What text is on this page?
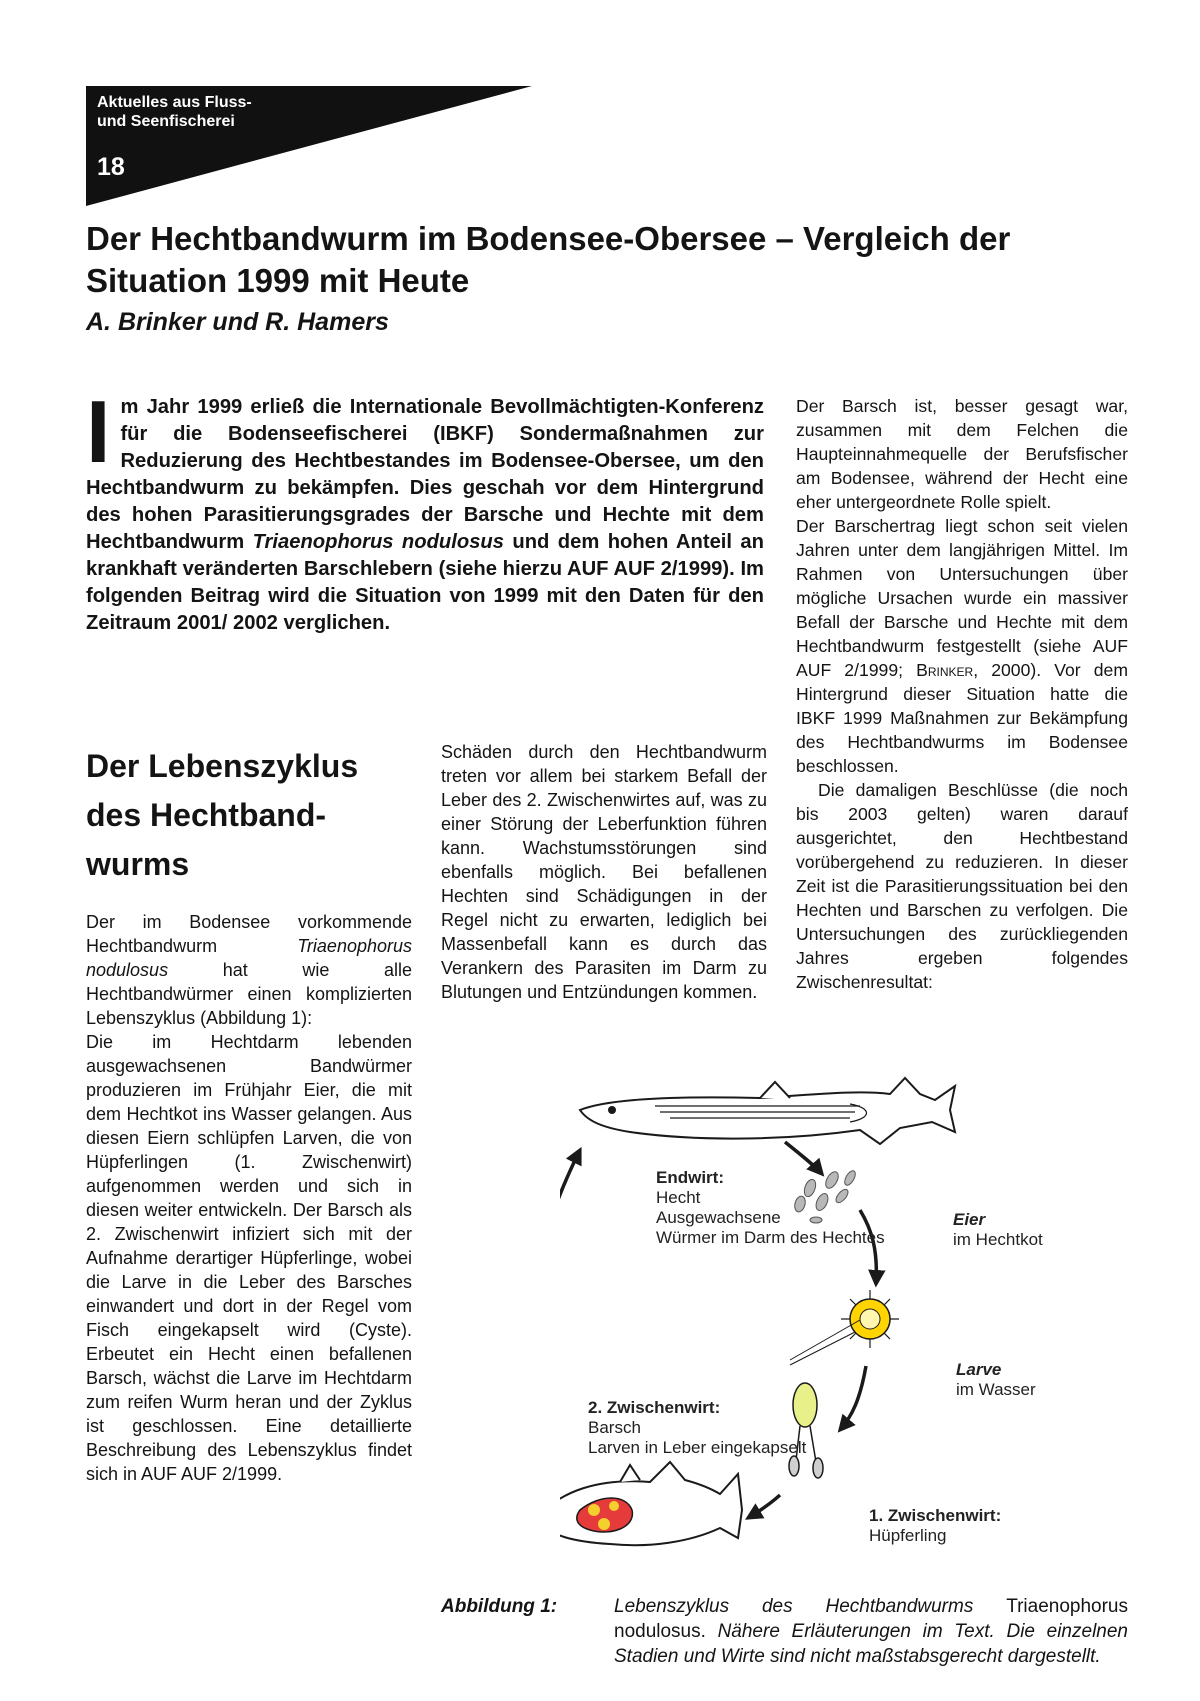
Aktuelles aus Fluss-
und Seenfischerei
18
Der Hechtbandwurm im Bodensee-Obersee – Vergleich der Situation 1999 mit Heute
A. Brinker und R. Hamers
Im Jahr 1999 erließ die Internationale Bevollmächtigten-Konferenz für die Bodenseefischerei (IBKF) Sondermaßnahmen zur Reduzierung des Hechtbestandes im Bodensee-Obersee, um den Hechtbandwurm zu bekämpfen. Dies geschah vor dem Hintergrund des hohen Parasitierungsgrades der Barsche und Hechte mit dem Hechtbandwurm Triaenophorus nodulosus und dem hohen Anteil an krankhaft veränderten Barschlebern (siehe hierzu AUF AUF 2/1999). Im folgenden Beitrag wird die Situation von 1999 mit den Daten für den Zeitraum 2001/ 2002 verglichen.

Der Barsch ist, besser gesagt war, zusammen mit dem Felchen die Haupteinnahmequelle der Berufsfischer am Bodensee, während der Hecht eine eher untergeordnete Rolle spielt.

Der Barschertrag liegt schon seit vielen Jahren unter dem langjährigen Mittel. Im Rahmen von Untersuchungen über mögliche Ursachen wurde ein massiver Befall der Barsche und Hechte mit dem Hechtbandwurm festgestellt (siehe AUF AUF 2/1999; Brinker, 2000). Vor dem Hintergrund dieser Situation hatte die IBKF 1999 Maßnahmen zur Bekämpfung des Hechtbandwurms im Bodensee beschlossen.

Die damaligen Beschlüsse (die noch bis 2003 gelten) waren darauf ausgerichtet, den Hechtbestand vorübergehend zu reduzieren. In dieser Zeit ist die Parasitierungssituation bei den Hechten und Barschen zu verfolgen. Die Untersuchungen des zurückliegenden Jahres ergeben folgendes Zwischenresultat:

Der Lebenszyklus des Hechtband-wurms

Schäden durch den Hechtbandwurm treten vor allem bei starkem Befall der Leber des 2. Zwischenwirtes auf, was zu einer Störung der Leberfunktion führen kann. Wachstumsstörungen sind ebenfalls möglich. Bei befallenen Hechten sind Schädigungen in der Regel nicht zu erwarten, lediglich bei Massenbefall kann es durch das Verankern des Parasiten im Darm zu Blutungen und Entzündungen kommen.

Der im Bodensee vorkommende Hechtbandwurm Triaenophorus nodulosus hat wie alle Hechtbandwürmer einen komplizierten Lebenszyklus (Abbildung 1):

Die im Hechtdarm lebenden ausgewachsenen Bandwürmer produzieren im Frühjahr Eier, die mit dem Hechtkot ins Wasser gelangen. Aus diesen Eiern schlüpfen Larven, die von Hüpferlingen (1. Zwischenwirt) aufgenommen werden und sich in diesen weiter entwickeln. Der Barsch als 2. Zwischenwirt infiziert sich mit der Aufnahme derartiger Hüpferlinge, wobei die Larve in die Leber des Barsches einwandert und dort in der Regel vom Fisch eingekapselt wird (Cyste). Erbeutet ein Hecht einen befallenen Barsch, wächst die Larve im Hechtdarm zum reifen Wurm heran und der Zyklus ist geschlossen. Eine detaillierte Beschreibung des Lebenszyklus findet sich in AUF AUF 2/1999.

Endwirt:
Hecht
Ausgewachsene
Würmer im Darm des Hechtes
Eier
im Hechtkot
Larve
im Wasser
2. Zwischenwirt:
Barsch
Larven in Leber eingekapselt
1. Zwischenwirt:
Hüpferling
Abbildung 1:	Lebenszyklus des Hechtbandwurms Triaenophorus nodulosus. Nähere Erläuterungen im Text. Die einzelnen Stadien und Wirte sind nicht maßstabsgerecht dargestellt.
